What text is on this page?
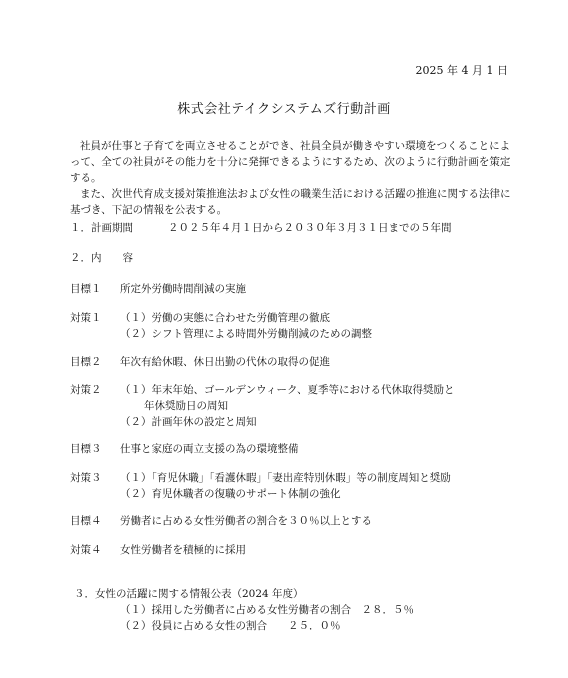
2025 年 4 月 1 日
株式会社テイクシステムズ行動計画

社員が仕事と子育てを両立させることができ、社員全員が働きやすい環境をつくることによって、全ての社員がその能力を十分に発揮できるようにするため、次のように行動計画を策定する。

また、次世代育成支援対策推進法および女性の職業生活における活躍の推進に関する法律に基づき、下記の情報を公表する。

１．計画期間	２０２５年４月１日から２０３０年３月３１日までの５年間
２．内　　容
目標１ 所定外労働時間削減の実施
対策１ （１）労働の実態に合わせた労働管理の徹底
（２）シフト管理による時間外労働削減のための調整
目標２ 年次有給休暇、休日出勤の代休の取得の促進
対策２ （１）年末年始、ゴールデンウィーク、夏季等における代休取得奨励と
年休奨励日の周知
（２）計画年休の設定と周知
目標３ 仕事と家庭の両立支援の為の環境整備
対策３ （１）「育児休職」「看護休暇」「妻出産特別休暇」等の制度周知と奨励
（２）育児休職者の復職のサポート体制の強化
目標４ 労働者に占める女性労働者の割合を３０％以上とする
対策４ 女性労働者を積極的に採用
３．女性の活躍に関する情報公表（2024 年度）
（１）採用した労働者に占める女性労働者の割合　２８．５％
（２）役員に占める女性の割合　　２５．０％
